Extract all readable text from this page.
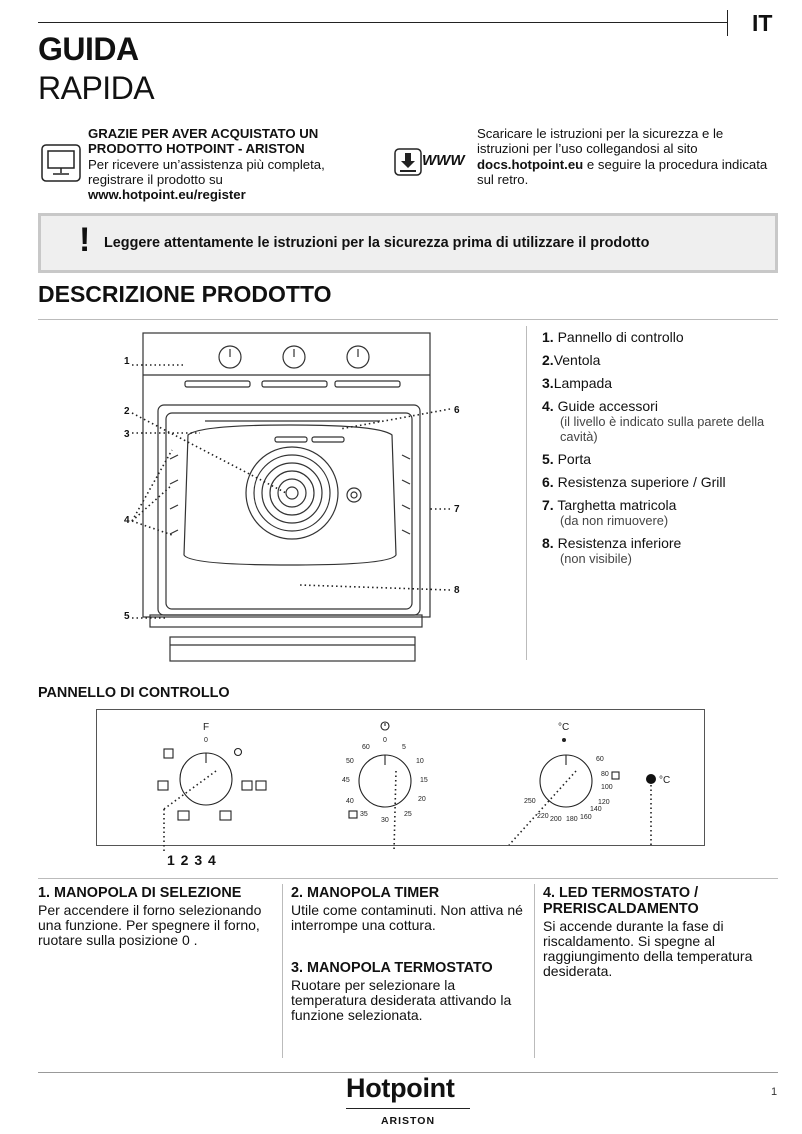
IT
GUIDA
RAPIDA
GRAZIE PER AVER ACQUISTATO UN
PRODOTTO HOTPOINT - ARISTON
Per ricevere un’assistenza più completa, registrare il prodotto su
www.hotpoint.eu/register
WWW
Scaricare le istruzioni per la sicurezza e le istruzioni per l’uso collegandosi al sito docs.hotpoint.eu e seguire la procedura indicata sul retro.
! Leggere attentamente le istruzioni per la sicurezza prima di utilizzare il prodotto
DESCRIZIONE PRODOTTO
1
2
3
4
5
6
7
8
1. Pannello di controllo
2.Ventola
3.Lampada
4. Guide accessori
(il livello è indicato sulla parete della cavità)
5. Porta
6. Resistenza superiore / Grill
7. Targhetta matricola
(da non rimuovere)
8. Resistenza inferiore
(non visibile)
PANNELLO DI CONTROLLO
F
0	0
60	5
10
50
15
45
20
40
25
35
30
°C
60
80
100
120
140
160
180
200
220
250
°C
1 2 3 4
1. MANOPOLA DI SELEZIONE
Per accendere il forno selezionando una funzione. Per spegnere il forno, ruotare sulla posizione 0 .
2. MANOPOLA TIMER
Utile come contaminuti. Non attiva né interrompe una cottura.
3. MANOPOLA TERMOSTATO
Ruotare per selezionare la temperatura desiderata attivando la funzione selezionata.
4. LED TERMOSTATO / PRERISCALDAMENTO
Si accende durante la fase di riscaldamento. Si spegne al raggiungimento della temperatura desiderata.
Hotpoint
ARISTON
1
